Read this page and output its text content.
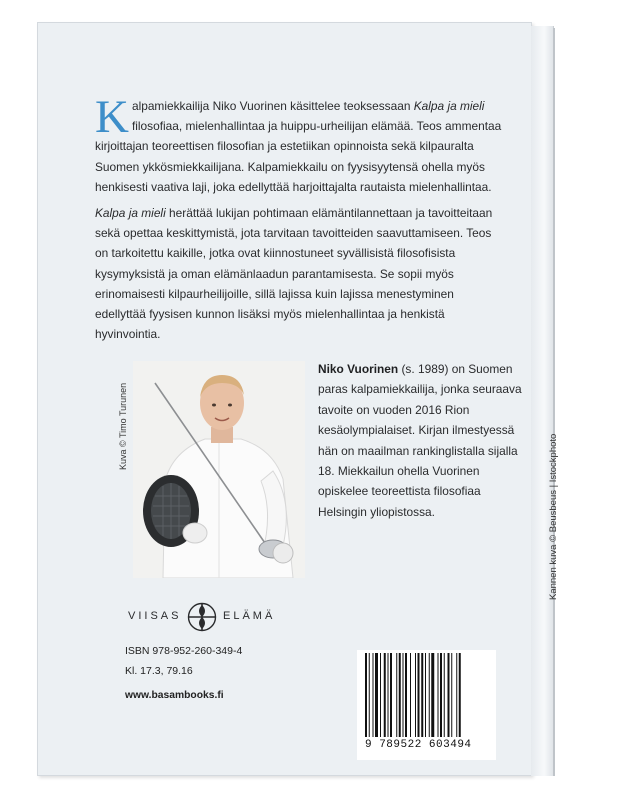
Kalpamiekkailija Niko Vuorinen käsittelee teoksessaan Kalpa ja mieli filosofiaa, mielenhallintaa ja huippu-urheilijan elämää. Teos ammentaa kirjoittajan teoreettisen filosofian ja estetiikan opinnoista sekä kilpauralta Suomen ykkösmiekkailijana. Kalpamiekkailu on fyysisyytensä ohella myös henkisesti vaativa laji, joka edellyttää harjoittajalta rautaista mielenhallintaa.
Kalpa ja mieli herättää lukijan pohtimaan elämäntilannettaan ja tavoitteitaan sekä opettaa keskittymistä, jota tarvitaan tavoitteiden saavuttamiseen. Teos on tarkoitettu kaikille, jotka ovat kiinnostuneet syvällisistä filosofisista kysymyksistä ja oman elämänlaadun parantamisesta. Se sopii myös erinomaisesti kilpaurheilijoille, sillä lajissa kuin lajissa menestyminen edellyttää fyysisen kunnon lisäksi myös mielenhallintaa ja henkistä hyvinvointia.
Kuva © Timo Turunen
Niko Vuorinen (s. 1989) on Suomen paras kalpamiekkailija, jonka seuraava tavoite on vuoden 2016 Rion kesäolympialaiset. Kirjan ilmestyessä hän on maailman rankinglistalla sijalla 18. Miekkailun ohella Vuorinen opiskelee teoreettista filosofiaa Helsingin yliopistossa.	Kannen kuva © Beusbeus | Istockphoto
VIISAS	ELÄMÄ
ISBN 978-952-260-349-4
Kl. 17.3, 79.16
www.basambooks.fi
9 789522 603494
